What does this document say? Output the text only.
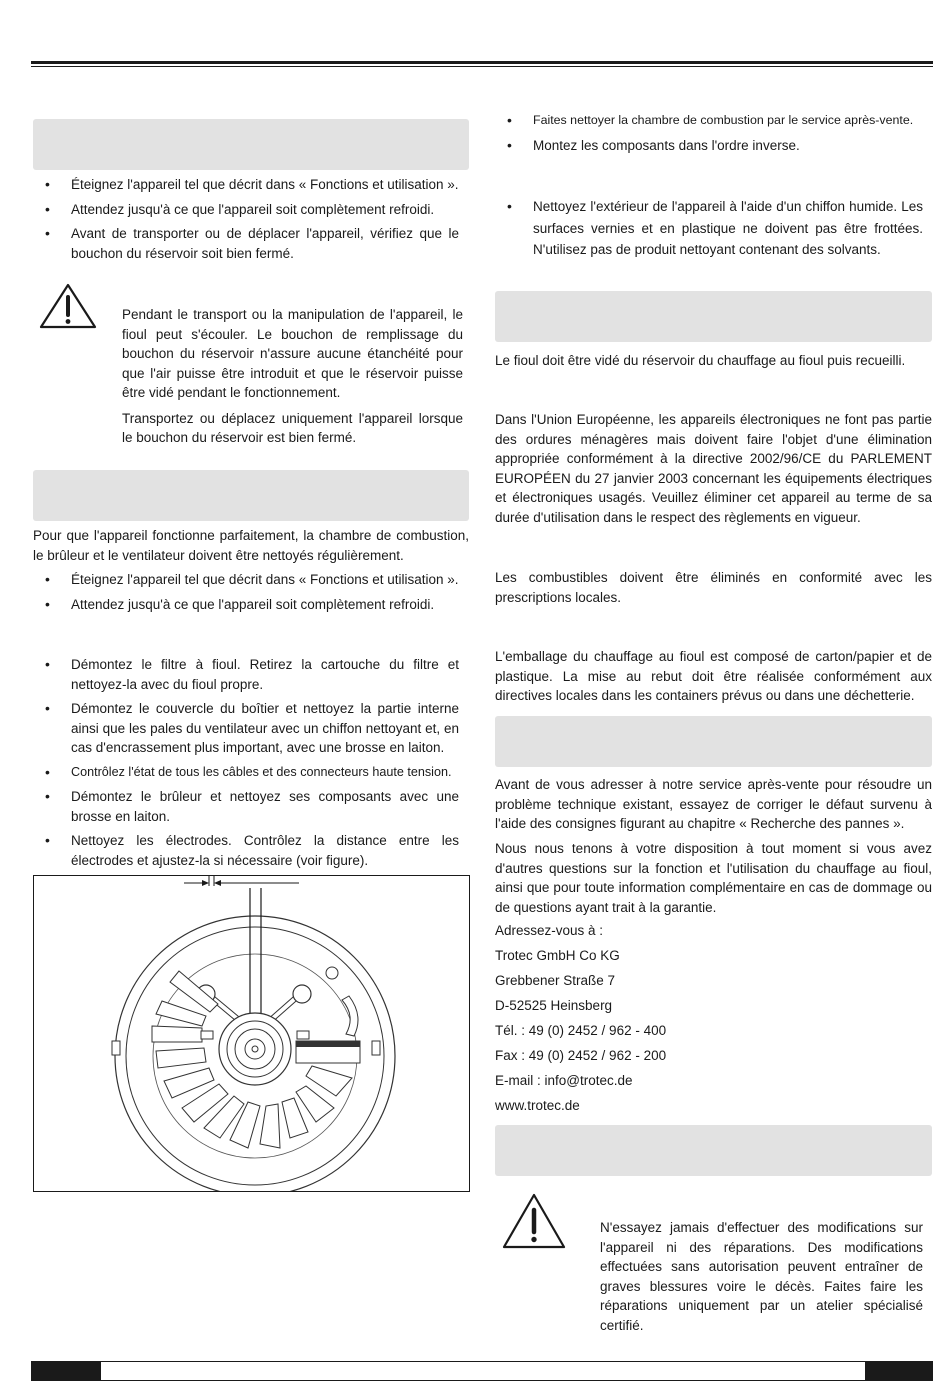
• Éteignez l'appareil tel que décrit dans « Fonctions et utilisation ».
• Attendez jusqu'à ce que l'appareil soit complètement refroidi.
• Avant de transporter ou de déplacer l'appareil, vérifiez que le bouchon du réservoir soit bien fermé.

Pendant le transport ou la manipulation de l'appareil, le fioul peut s'écouler. Le bouchon de remplissage du bouchon du réservoir n'assure aucune étanchéité pour que l'air puisse être introduit et que le réservoir puisse être vidé pendant le fonctionnement.

Transportez ou déplacez uniquement l'appareil lorsque le bouchon du réservoir est bien fermé.

Pour que l'appareil fonctionne parfaitement, la chambre de combustion, le brûleur et le ventilateur doivent être nettoyés régulièrement.

• Éteignez l'appareil tel que décrit dans « Fonctions et utilisation ».
• Attendez jusqu'à ce que l'appareil soit complètement refroidi.
• Démontez le filtre à fioul. Retirez la cartouche du filtre et nettoyez-la avec du fioul propre.
• Démontez le couvercle du boîtier et nettoyez la partie interne ainsi que les pales du ventilateur avec un chiffon nettoyant et, en cas d'encrassement plus important, avec une brosse en laiton.
• Contrôlez l'état de tous les câbles et des connecteurs haute tension.
• Démontez le brûleur et nettoyez ses composants avec une brosse en laiton.
• Nettoyez les électrodes. Contrôlez la distance entre les électrodes et ajustez-la si nécessaire (voir figure).
• Faites nettoyer la chambre de combustion par le service après-vente.
• Montez les composants dans l'ordre inverse.
• Nettoyez l'extérieur de l'appareil à l'aide d'un chiffon humide. Les surfaces vernies et en plastique ne doivent pas être frottées. N'utilisez pas de produit nettoyant contenant des solvants.

Le fioul doit être vidé du réservoir du chauffage au fioul puis recueilli.

Dans l'Union Européenne, les appareils électroniques ne font pas partie des ordures ménagères mais doivent faire l'objet d'une élimination appropriée conformément à la directive 2002/96/CE du PARLEMENT EUROPÉEN du 27 janvier 2003 concernant les équipements électriques et électroniques usagés. Veuillez éliminer cet appareil au terme de sa durée d'utilisation dans le respect des règlements en vigueur.

Les combustibles doivent être éliminés en conformité avec les prescriptions locales.

L'emballage du chauffage au fioul est composé de carton/papier et de plastique. La mise au rebut doit être réalisée conformément aux directives locales dans les containers prévus ou dans une déchetterie.

Avant de vous adresser à notre service après-vente pour résoudre un problème technique existant, essayez de corriger le défaut survenu à l'aide des consignes figurant au chapitre « Recherche des pannes ».

Nous nous tenons à votre disposition à tout moment si vous avez d'autres questions sur la fonction et l'utilisation du chauffage au fioul, ainsi que pour toute information complémentaire en cas de dommage ou de questions ayant trait à la garantie.

Adressez-vous à :
Trotec GmbH Co KG
Grebbener Straße 7
D-52525 Heinsberg
Tél. : 49 (0) 2452 / 962 - 400
Fax : 49 (0) 2452 / 962 - 200
E-mail : info@trotec.de
www.trotec.de

N'essayez jamais d'effectuer des modifications sur l'appareil ni des réparations. Des modifications effectuées sans autorisation peuvent entraîner de graves blessures voire le décès. Faites faire les réparations uniquement par un atelier spécialisé certifié.
